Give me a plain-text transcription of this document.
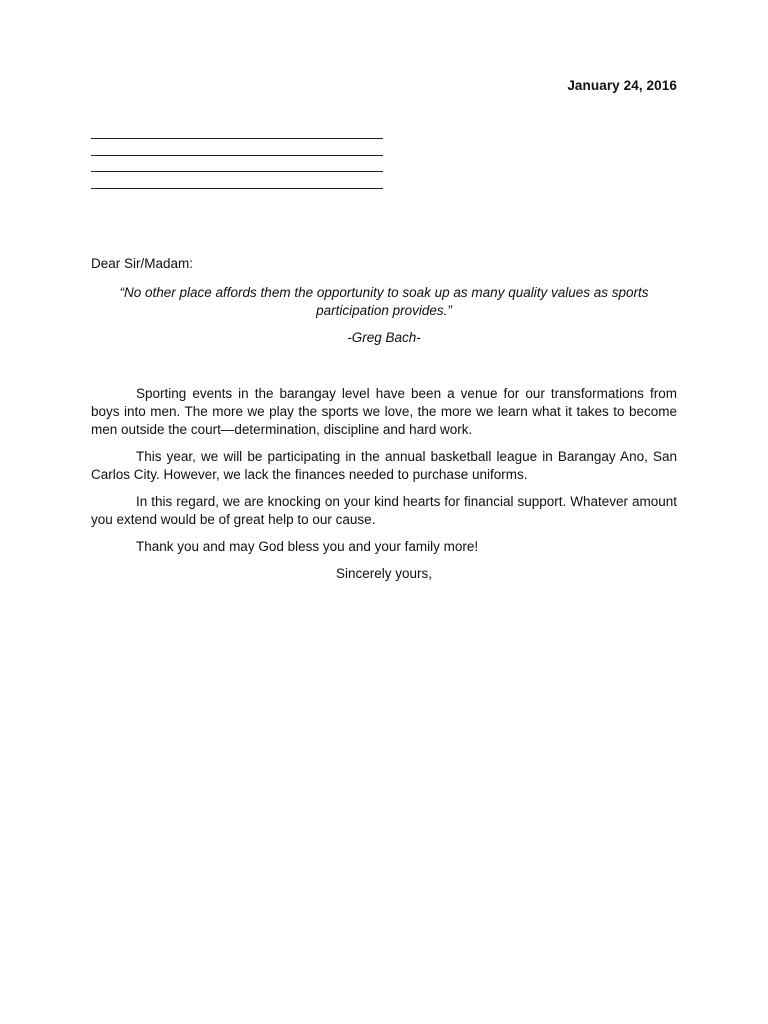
January 24, 2016
Dear Sir/Madam:
“No other place affords them the opportunity to soak up as many quality values as sports participation provides.”
-Greg Bach-

Sporting events in the barangay level have been a venue for our transformations from boys into men. The more we play the sports we love, the more we learn what it takes to become men outside the court—determination, discipline and hard work.

This year, we will be participating in the annual basketball league in Barangay Ano, San Carlos City. However, we lack the finances needed to purchase uniforms.

In this regard, we are knocking on your kind hearts for financial support. Whatever amount you extend would be of great help to our cause.

Thank you and may God bless you and your family more!

Sincerely yours,
